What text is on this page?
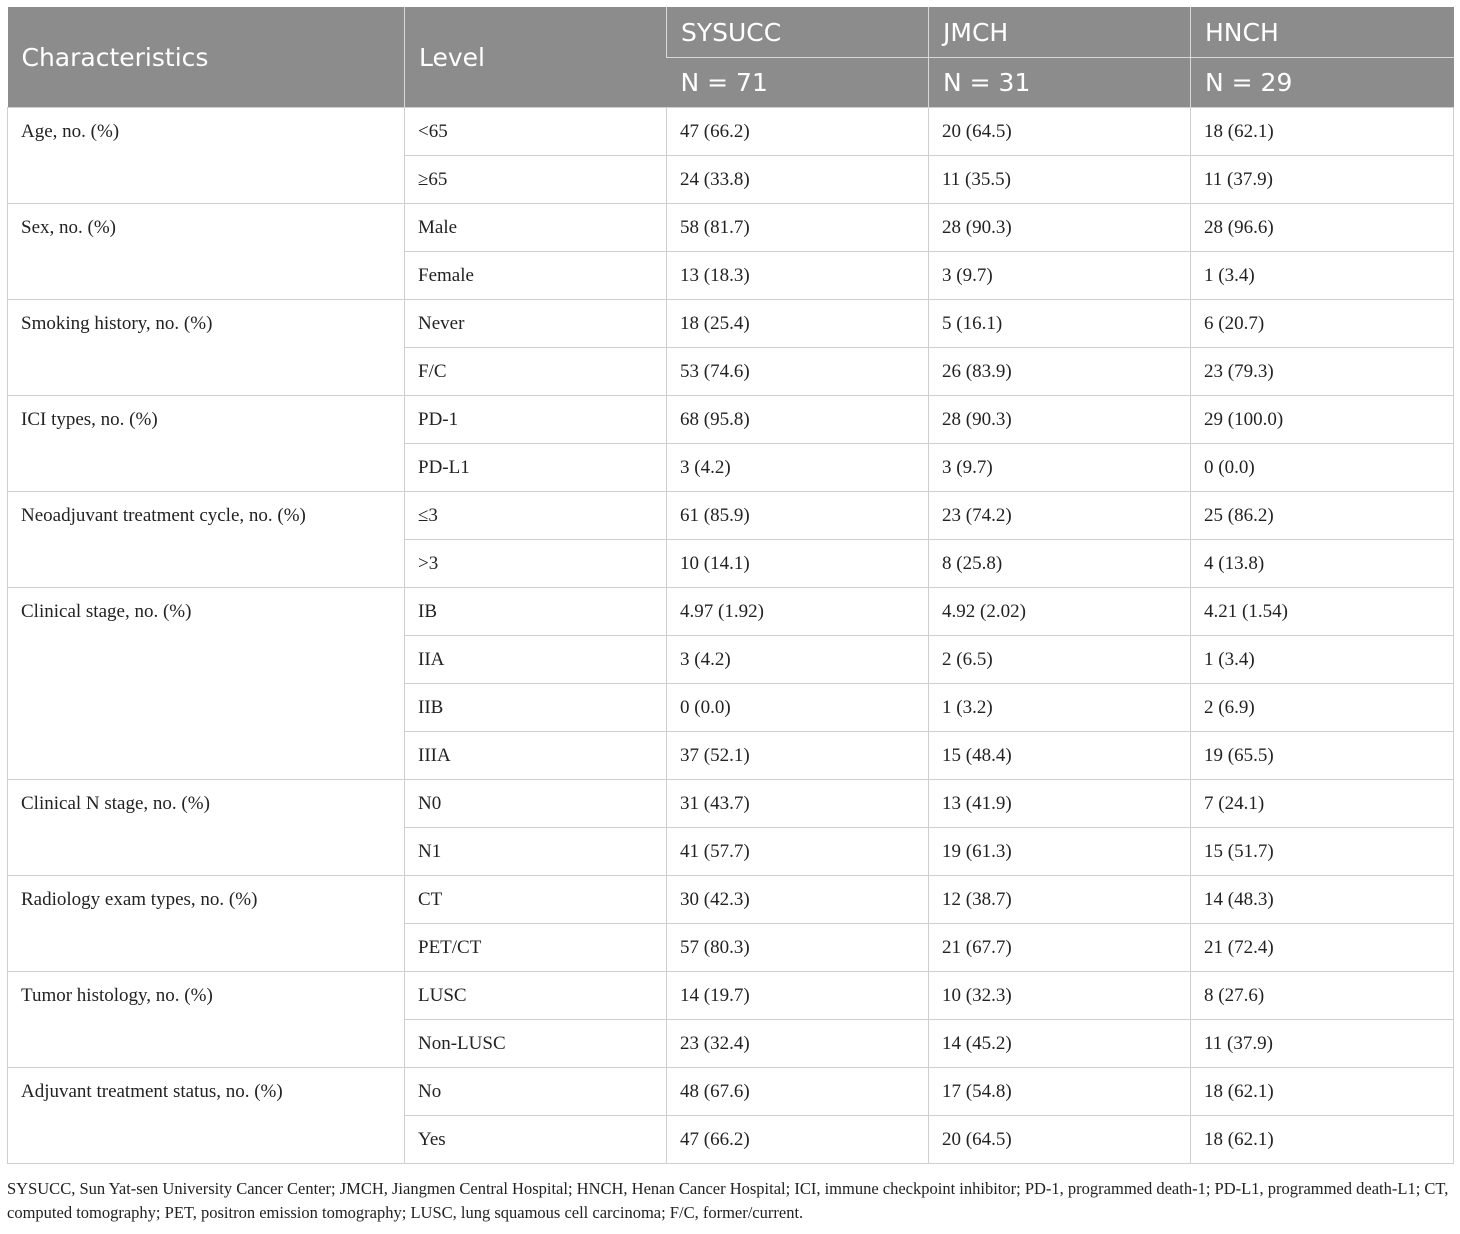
Characteristics	Level	SYSUCC	JMCH	HNCH
		N = 71	N = 31	N = 29
Age, no. (%)	<65	47 (66.2)	20 (64.5)	18 (62.1)
	≥65	24 (33.8)	11 (35.5)	11 (37.9)
Sex, no. (%)	Male	58 (81.7)	28 (90.3)	28 (96.6)
	Female	13 (18.3)	3 (9.7)	1 (3.4)
Smoking history, no. (%)	Never	18 (25.4)	5 (16.1)	6 (20.7)
	F/C	53 (74.6)	26 (83.9)	23 (79.3)
ICI types, no. (%)	PD-1	68 (95.8)	28 (90.3)	29 (100.0)
	PD-L1	3 (4.2)	3 (9.7)	0 (0.0)
Neoadjuvant treatment cycle, no. (%)	≤3	61 (85.9)	23 (74.2)	25 (86.2)
	>3	10 (14.1)	8 (25.8)	4 (13.8)
Clinical stage, no. (%)	IB	4.97 (1.92)	4.92 (2.02)	4.21 (1.54)
	IIA	3 (4.2)	2 (6.5)	1 (3.4)
	IIB	0 (0.0)	1 (3.2)	2 (6.9)
	IIIA	37 (52.1)	15 (48.4)	19 (65.5)
Clinical N stage, no. (%)	N0	31 (43.7)	13 (41.9)	7 (24.1)
	N1	41 (57.7)	19 (61.3)	15 (51.7)
Radiology exam types, no. (%)	CT	30 (42.3)	12 (38.7)	14 (48.3)
	PET/CT	57 (80.3)	21 (67.7)	21 (72.4)
Tumor histology, no. (%)	LUSC	14 (19.7)	10 (32.3)	8 (27.6)
	Non-LUSC	23 (32.4)	14 (45.2)	11 (37.9)
Adjuvant treatment status, no. (%)	No	48 (67.6)	17 (54.8)	18 (62.1)
	Yes	47 (66.2)	20 (64.5)	18 (62.1)
SYSUCC, Sun Yat-sen University Cancer Center; JMCH, Jiangmen Central Hospital; HNCH, Henan Cancer Hospital; ICI, immune checkpoint inhibitor; PD-1, programmed death-1; PD-L1, programmed death-L1; CT, computed tomography; PET, positron emission tomography; LUSC, lung squamous cell carcinoma; F/C, former/current.
